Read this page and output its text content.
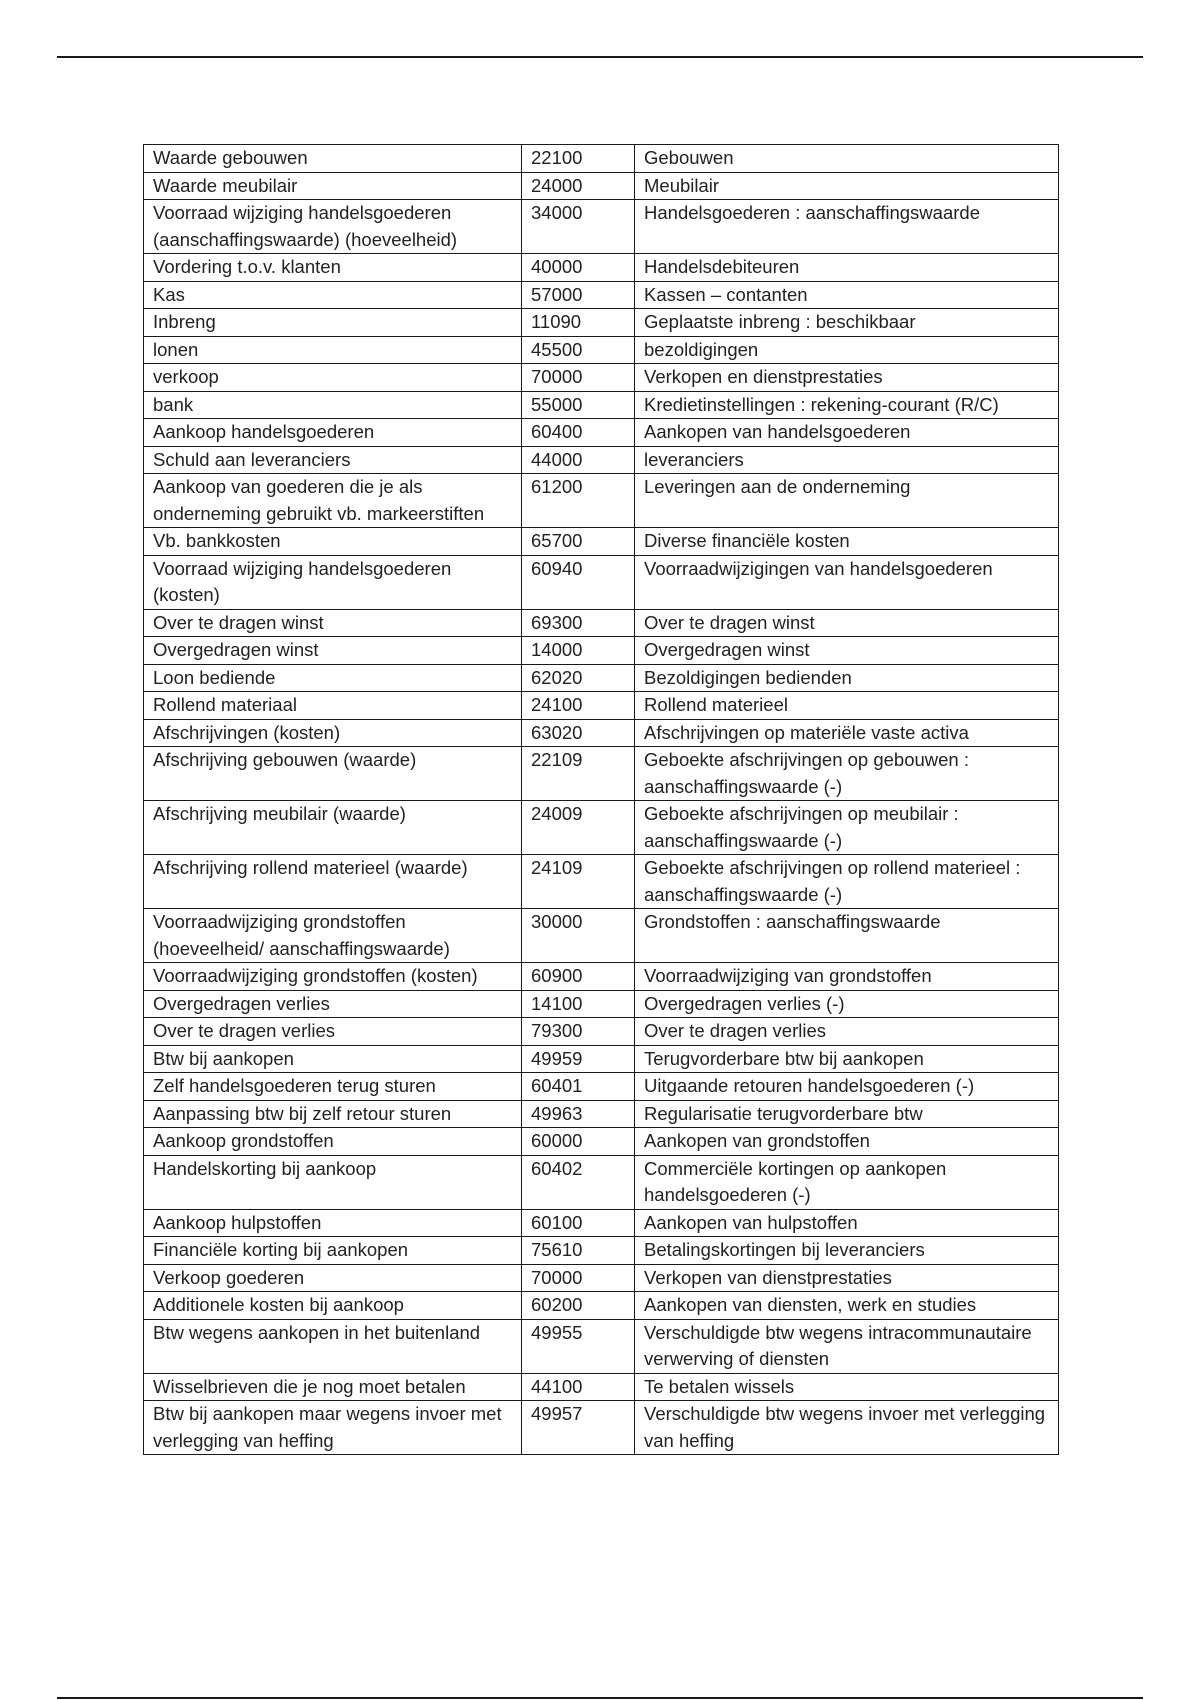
Waarde gebouwen	22100	Gebouwen
Waarde meubilair	24000	Meubilair
Voorraad wijziging handelsgoederen (aanschaffingswaarde) (hoeveelheid)	34000	Handelsgoederen : aanschaffingswaarde
Vordering t.o.v. klanten	40000	Handelsdebiteuren
Kas	57000	Kassen – contanten
Inbreng	11090	Geplaatste inbreng : beschikbaar
lonen	45500	bezoldigingen
verkoop	70000	Verkopen en dienstprestaties
bank	55000	Kredietinstellingen : rekening-courant (R/C)
Aankoop handelsgoederen	60400	Aankopen van handelsgoederen
Schuld aan leveranciers	44000	leveranciers
Aankoop van goederen die je als onderneming gebruikt vb. markeerstiften	61200	Leveringen aan de onderneming
Vb. bankkosten	65700	Diverse financiële kosten
Voorraad wijziging handelsgoederen (kosten)	60940	Voorraadwijzigingen van handelsgoederen
Over te dragen winst	69300	Over te dragen winst
Overgedragen winst	14000	Overgedragen winst
Loon bediende	62020	Bezoldigingen bedienden
Rollend materiaal	24100	Rollend materieel
Afschrijvingen (kosten)	63020	Afschrijvingen op materiële vaste activa
Afschrijving gebouwen (waarde)	22109	Geboekte afschrijvingen op gebouwen : aanschaffingswaarde (-)
Afschrijving meubilair (waarde)	24009	Geboekte afschrijvingen op meubilair : aanschaffingswaarde (-)
Afschrijving rollend materieel (waarde)	24109	Geboekte afschrijvingen op rollend materieel : aanschaffingswaarde (-)
Voorraadwijziging grondstoffen (hoeveelheid/ aanschaffingswaarde)	30000	Grondstoffen : aanschaffingswaarde
Voorraadwijziging grondstoffen (kosten)	60900	Voorraadwijziging van grondstoffen
Overgedragen verlies	14100	Overgedragen verlies (-)
Over te dragen verlies	79300	Over te dragen verlies
Btw bij aankopen	49959	Terugvorderbare btw bij aankopen
Zelf handelsgoederen terug sturen	60401	Uitgaande retouren handelsgoederen (-)
Aanpassing btw bij zelf retour sturen	49963	Regularisatie terugvorderbare btw
Aankoop grondstoffen	60000	Aankopen van grondstoffen
Handelskorting bij aankoop	60402	Commerciële kortingen op aankopen handelsgoederen (-)
Aankoop hulpstoffen	60100	Aankopen van hulpstoffen
Financiële korting bij aankopen	75610	Betalingskortingen bij leveranciers
Verkoop goederen	70000	Verkopen van dienstprestaties
Additionele kosten bij aankoop	60200	Aankopen van diensten, werk en studies
Btw wegens aankopen in het buitenland	49955	Verschuldigde btw wegens intracommunautaire verwerving of diensten
Wisselbrieven die je nog moet betalen	44100	Te betalen wissels
Btw bij aankopen maar wegens invoer met verlegging van heffing	49957	Verschuldigde btw wegens invoer met verlegging van heffing
